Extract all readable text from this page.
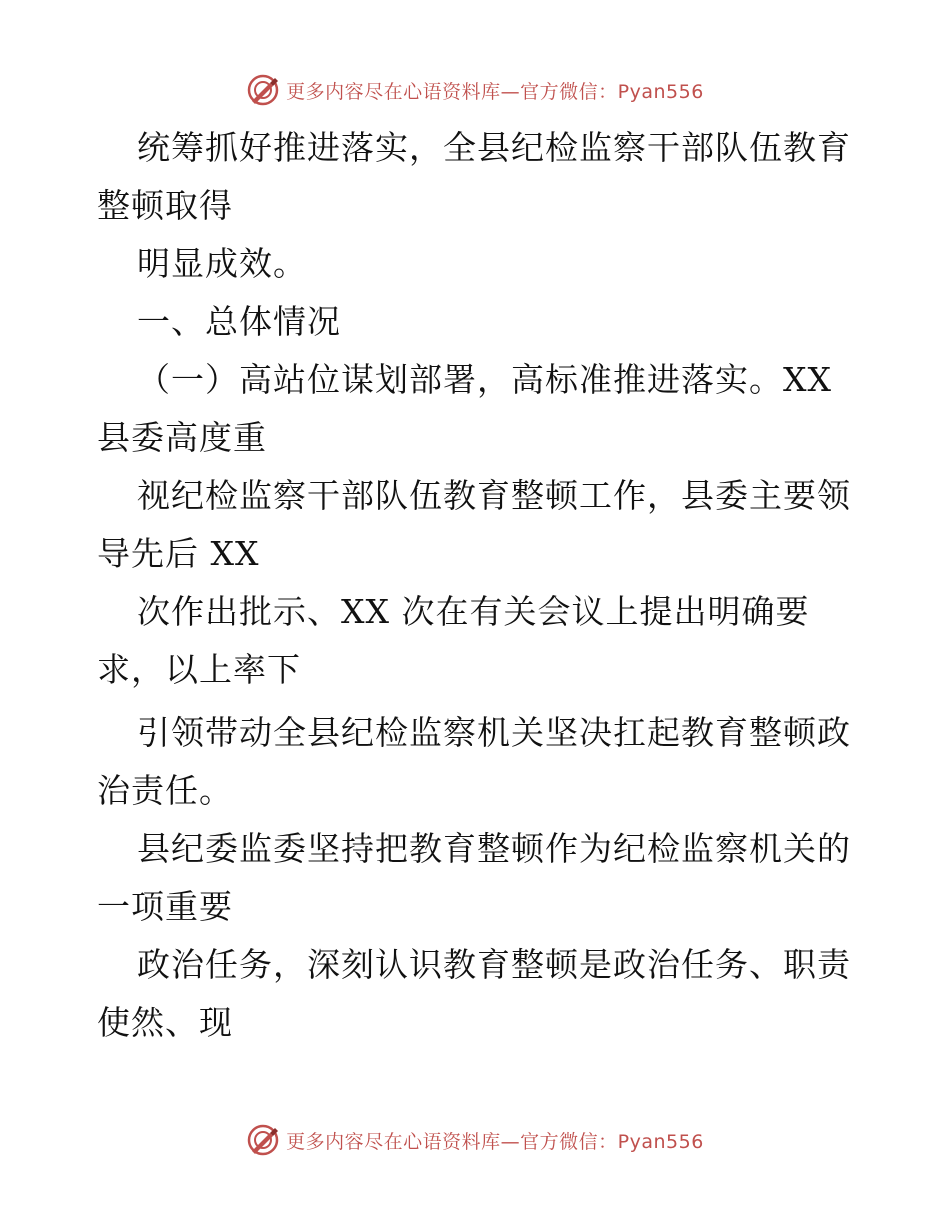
更多内容尽在心语资料库—官方微信：Pyan556
统筹抓好推进落实，全县纪检监察干部队伍教育
整顿取得
明显成效。
一、总体情况
（一）高站位谋划部署，高标准推进落实。XX
县委高度重
视纪检监察干部队伍教育整顿工作，县委主要领
导先后 XX
次作出批示、XX 次在有关会议上提出明确要
求，以上率下
引领带动全县纪检监察机关坚决扛起教育整顿政
治责任。
县纪委监委坚持把教育整顿作为纪检监察机关的
一项重要
政治任务，深刻认识教育整顿是政治任务、职责
使然、现
更多内容尽在心语资料库—官方微信：Pyan556
